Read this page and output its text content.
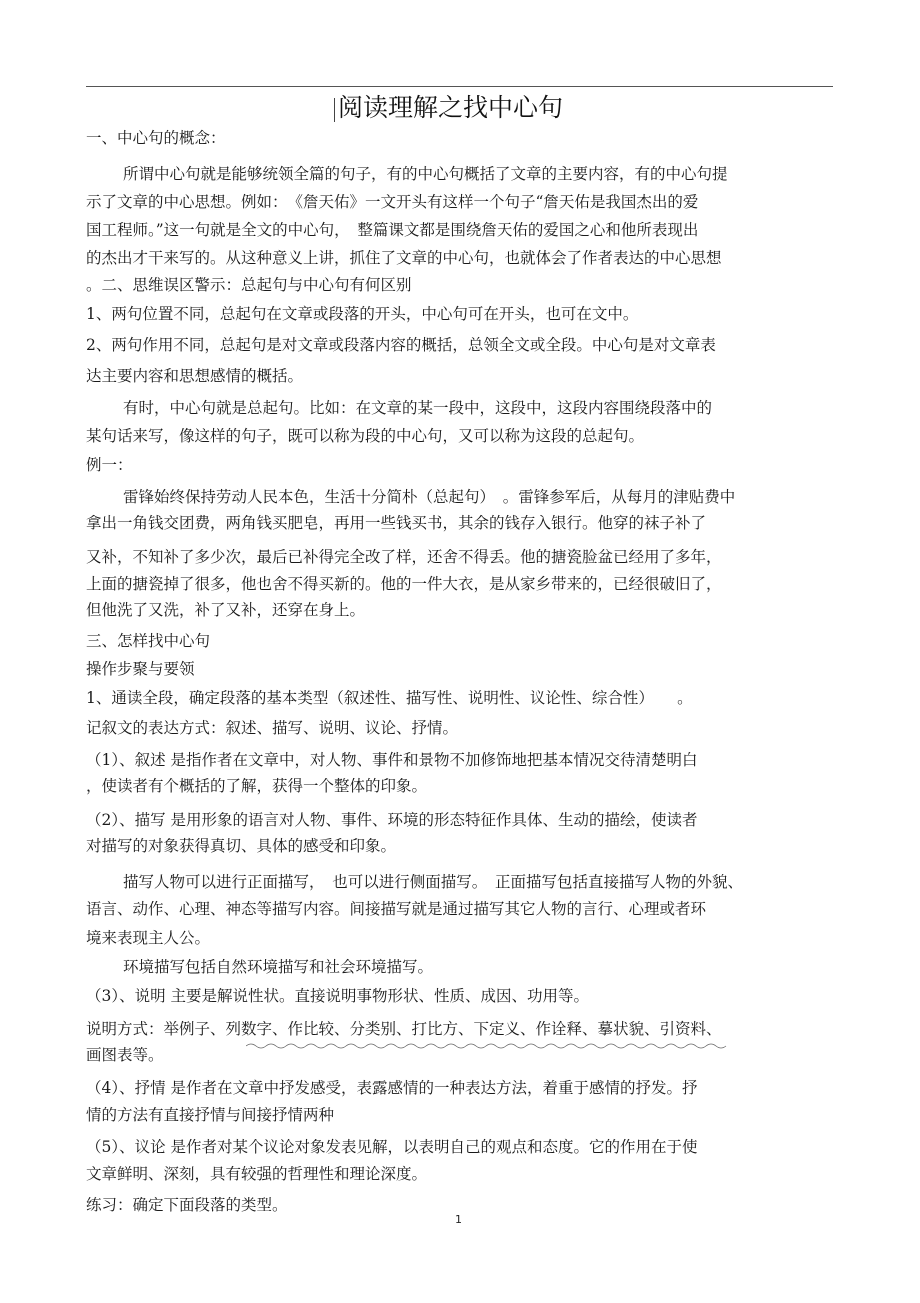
阅读理解之找中心句
一、中心句的概念：
所谓中心句就是能够统领全篇的句子，有的中心句概括了文章的主要内容，有的中心句提
示了文章的中心思想。例如：　《詹天佑》一文开头有这样一个句子“詹天佑是我国杰出的爱
国工程师。”这一句就是全文的中心句，　整篇课文都是围绕詹天佑的爱国之心和他所表现出
的杰出才干来写的。从这种意义上讲，抓住了文章的中心句，也就体会了作者表达的中心思想
。二、思维误区警示：总起句与中心句有何区别
1、两句位置不同，总起句在文章或段落的开头，中心句可在开头，也可在文中。
2、两句作用不同，总起句是对文章或段落内容的概括，总领全文或全段。中心句是对文章表
达主要内容和思想感情的概括。
有时，中心句就是总起句。比如：在文章的某一段中，这段中，这段内容围绕段落中的
某句话来写，像这样的句子，既可以称为段的中心句，又可以称为这段的总起句。
例一：
雷锋始终保持劳动人民本色，生活十分简朴（总起句）　。雷锋参军后，从每月的津贴费中
拿出一角钱交团费，两角钱买肥皂，再用一些钱买书，其余的钱存入银行。他穿的袜子补了
又补，不知补了多少次，最后已补得完全改了样，还舍不得丢。他的搪瓷脸盆已经用了多年，
上面的搪瓷掉了很多，他也舍不得买新的。他的一件大衣，是从家乡带来的，已经很破旧了，
但他洗了又洗，补了又补，还穿在身上。
三、怎样找中心句
操作步聚与要领
1、通读全段，确定段落的基本类型（叙述性、描写性、说明性、议论性、综合性）　　。
记叙文的表达方式：叙述、描写、说明、议论、抒情。
（1）、叙述 是指作者在文章中，对人物、事件和景物不加修饰地把基本情况交待清楚明白
，使读者有个概括的了解，获得一个整体的印象。
（2）、描写 是用形象的语言对人物、事件、环境的形态特征作具体、生动的描绘，使读者
对描写的对象获得真切、具体的感受和印象。
描写人物可以进行正面描写，　也可以进行侧面描写。　正面描写包括直接描写人物的外貌、
语言、动作、心理、神态等描写内容。间接描写就是通过描写其它人物的言行、心理或者环
境来表现主人公。
环境描写包括自然环境描写和社会环境描写。
（3）、说明 主要是解说性状。直接说明事物形状、性质、成因、功用等。
说明方式：举例子、列数字、作比较、分类别、打比方、下定义、作诠释、摹状貌、引资料、
画图表等。
（4）、抒情 是作者在文章中抒发感受，表露感情的一种表达方法，着重于感情的抒发。抒
情的方法有直接抒情与间接抒情两种
（5）、议论 是作者对某个议论对象发表见解，以表明自己的观点和态度。它的作用在于使
文章鲜明、深刻，具有较强的哲理性和理论深度。
练习：确定下面段落的类型。
1
